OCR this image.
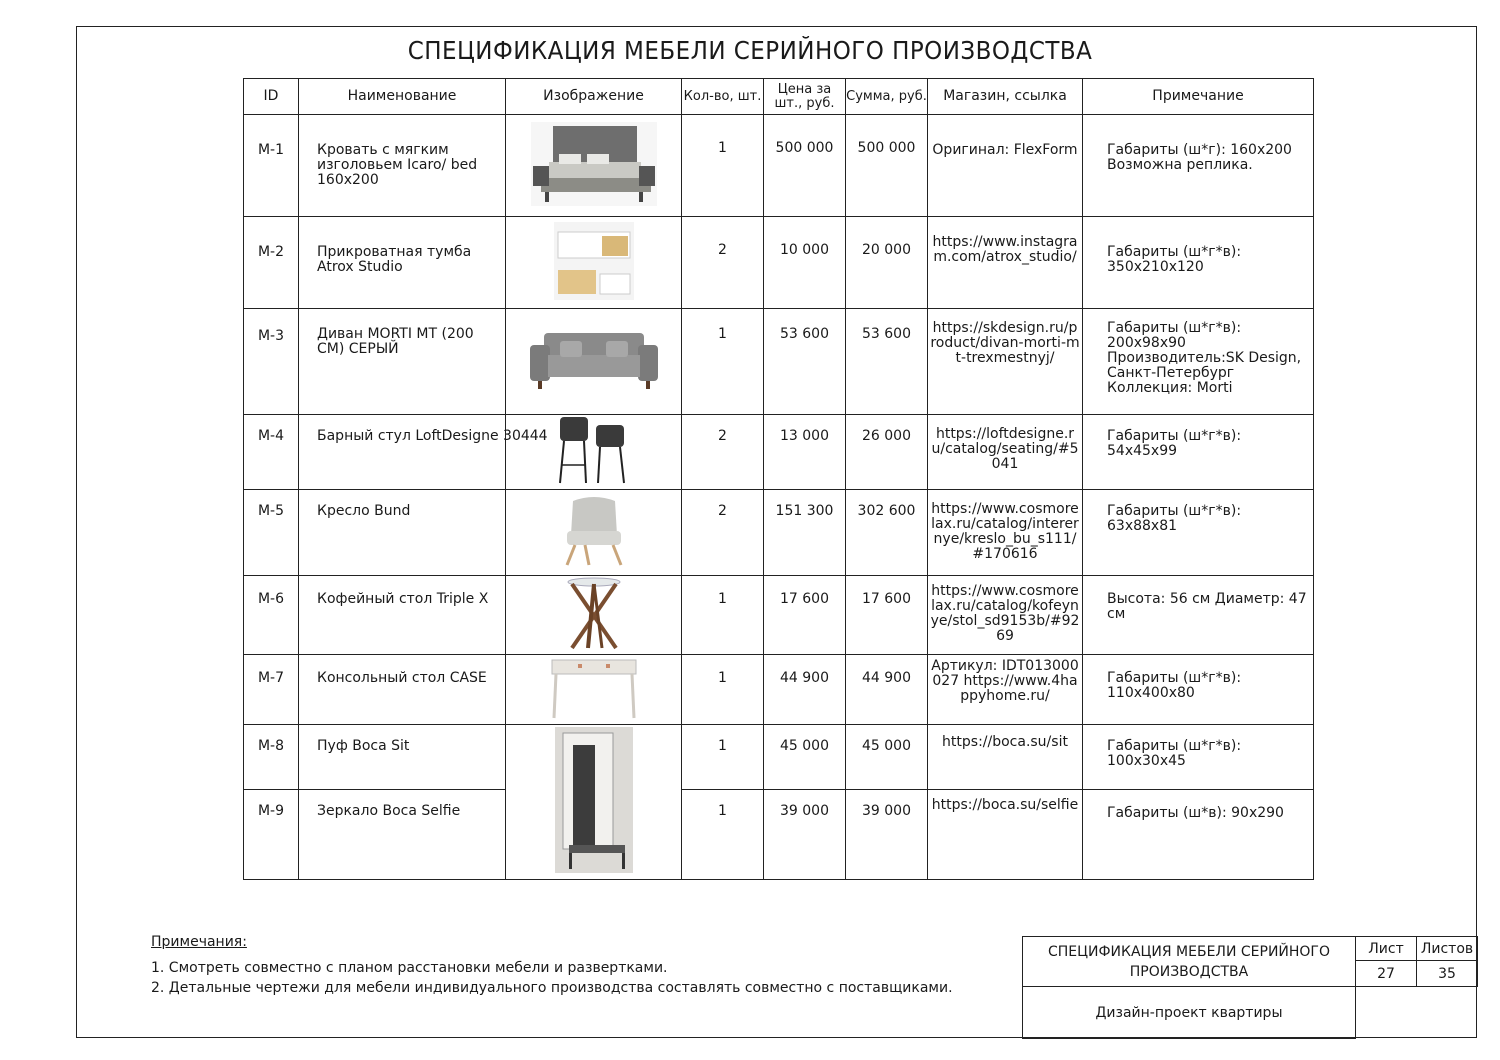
СПЕЦИФИКАЦИЯ МЕБЕЛИ СЕРИЙНОГО ПРОИЗВОДСТВА
ID	Наименование	Изображение	Кол-во, шт.	Цена за шт., руб.	Сумма, руб.	Магазин, ссылка	Примечание
М-1	Кровать с мягким изголовьем Icaro/ bed 160x200		1	500 000	500 000	Оригинал: FlexForm	Габариты (ш*г): 160x200 Возможна реплика.
М-2	Прикроватная тумба Atrox Studio		2	10 000	20 000	https://www.instagram.com/atrox_studio/	Габариты (ш*г*в): 350x210x120
М-3	Диван MORTI MT (200 СМ) СЕРЫЙ		1	53 600	53 600	https://skdesign.ru/product/divan-morti-mt-trexmestnyj/	Габариты (ш*г*в): 200x98x90 Производитель:SK Design, Санкт-Петербург Коллекция: Morti
М-4	Барный стул LoftDesigne 30444		2	13 000	26 000	https://loftdesigne.ru/catalog/seating/#5041	Габариты (ш*г*в): 54x45x99
М-5	Кресло Bund		2	151 300	302 600	https://www.cosmorelax.ru/catalog/interernye/kreslo_bu_s111/#170616	Габариты (ш*г*в): 63x88x81
М-6	Кофейный стол Triple X		1	17 600	17 600	https://www.cosmorelax.ru/catalog/kofeynye/stol_sd9153b/#9269	Высота: 56 см Диаметр: 47 см
М-7	Консольный стол CASE		1	44 900	44 900	Артикул: IDT013000027 https://www.4happyhome.ru/	Габариты (ш*г*в): 110x400x80
М-8	Пуф Boca Sit		1	45 000	45 000	https://boca.su/sit	Габариты (ш*г*в): 100x30x45
М-9	Зеркало Boca Selfie		1	39 000	39 000	https://boca.su/selfie	Габариты (ш*в): 90x290
Примечания:
1. Смотреть совместно с планом расстановки мебели и развертками.
2. Детальные чертежи для мебели индивидуального производства составлять совместно с поставщиками.
СПЕЦИФИКАЦИЯ МЕБЕЛИ СЕРИЙНОГО ПРОИЗВОДСТВА	Лист	Листов
	27	35
Дизайн-проект квартиры		
